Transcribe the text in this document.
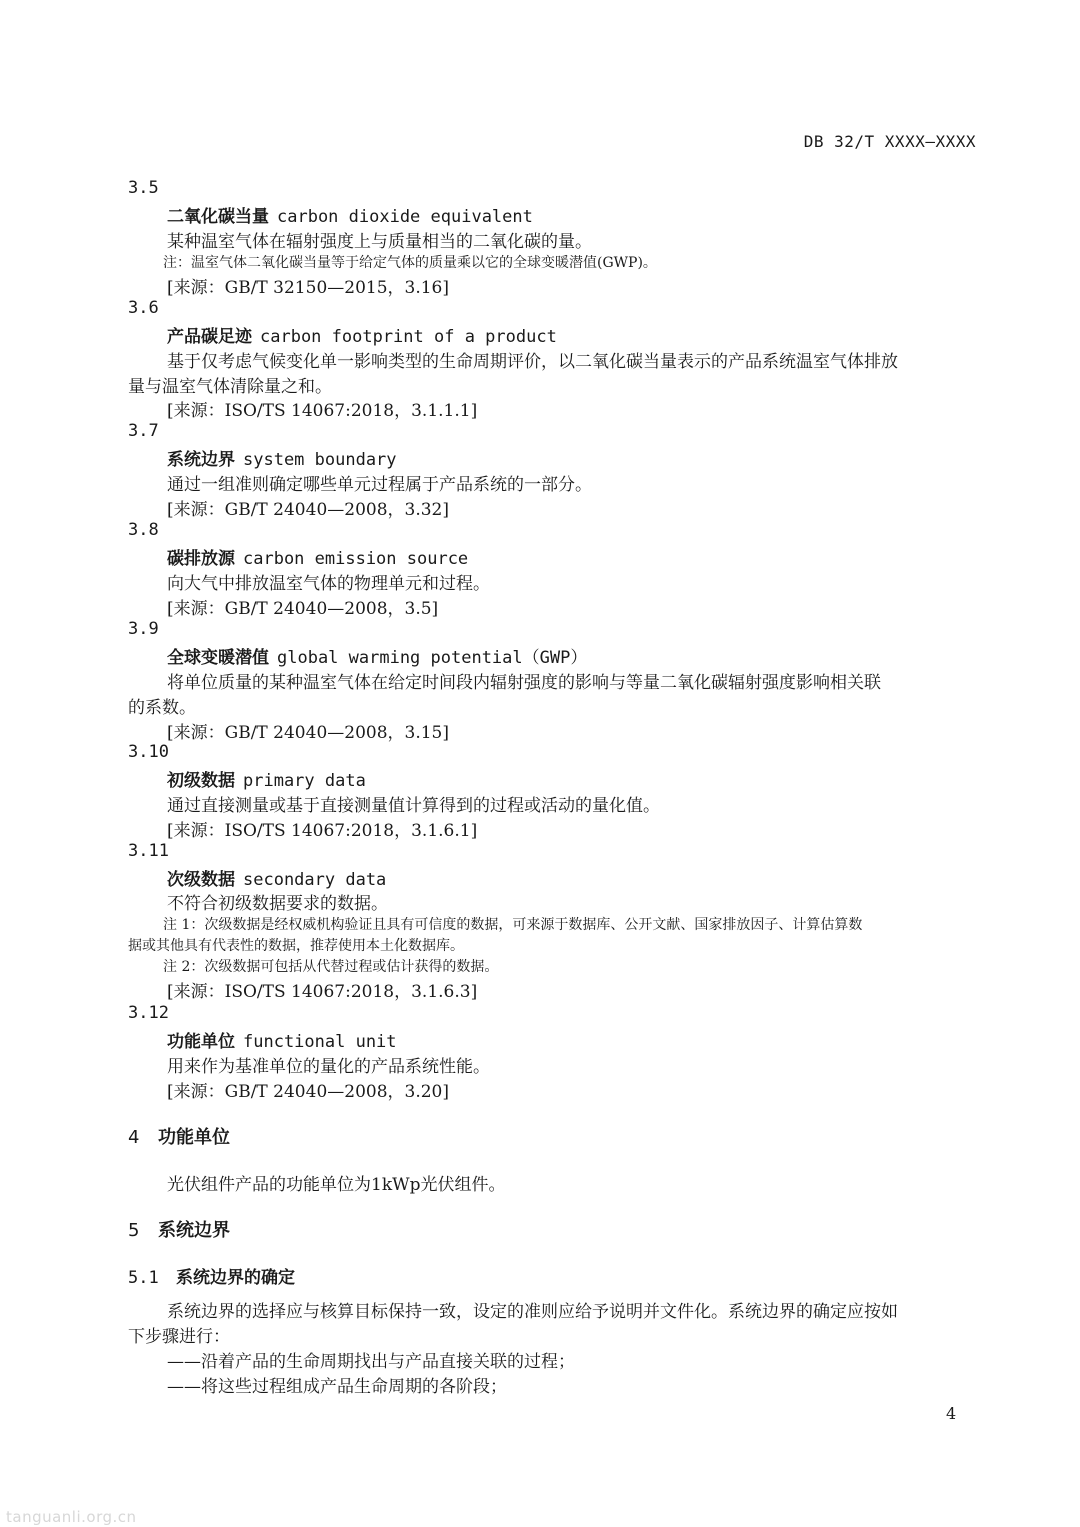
DB 32/T XXXX—XXXX
3.5
二氧化碳当量 carbon dioxide equivalent
某种温室气体在辐射强度上与质量相当的二氧化碳的量。
注：温室气体二氧化碳当量等于给定气体的质量乘以它的全球变暖潜值(GWP)。
[来源：GB/T 32150—2015，3.16]
3.6
产品碳足迹 carbon footprint of a product
基于仅考虑气候变化单一影响类型的生命周期评价，以二氧化碳当量表示的产品系统温室气体排放
量与温室气体清除量之和。
[来源：ISO/TS 14067:2018，3.1.1.1]
3.7
系统边界 system boundary
通过一组准则确定哪些单元过程属于产品系统的一部分。
[来源：GB/T 24040—2008，3.32]
3.8
碳排放源 carbon emission source
向大气中排放温室气体的物理单元和过程。
[来源：GB/T 24040—2008，3.5]
3.9
全球变暖潜值 global warming potential（GWP）
将单位质量的某种温室气体在给定时间段内辐射强度的影响与等量二氧化碳辐射强度影响相关联
的系数。
[来源：GB/T 24040—2008，3.15]
3.10
初级数据 primary data
通过直接测量或基于直接测量值计算得到的过程或活动的量化值。
[来源：ISO/TS 14067:2018，3.1.6.1]
3.11
次级数据 secondary data
不符合初级数据要求的数据。
注 1：次级数据是经权威机构验证且具有可信度的数据，可来源于数据库、公开文献、国家排放因子、计算估算数
据或其他具有代表性的数据，推荐使用本土化数据库。
注 2：次级数据可包括从代替过程或估计获得的数据。
[来源：ISO/TS 14067:2018，3.1.6.3]
3.12
功能单位 functional unit
用来作为基准单位的量化的产品系统性能。
[来源：GB/T 24040—2008，3.20]
4 功能单位
光伏组件产品的功能单位为1kWp光伏组件。
5 系统边界
5.1 系统边界的确定
系统边界的选择应与核算目标保持一致，设定的准则应给予说明并文件化。系统边界的确定应按如
下步骤进行：
——沿着产品的生命周期找出与产品直接关联的过程；
——将这些过程组成产品生命周期的各阶段；
4
tanguanli.org.cn
